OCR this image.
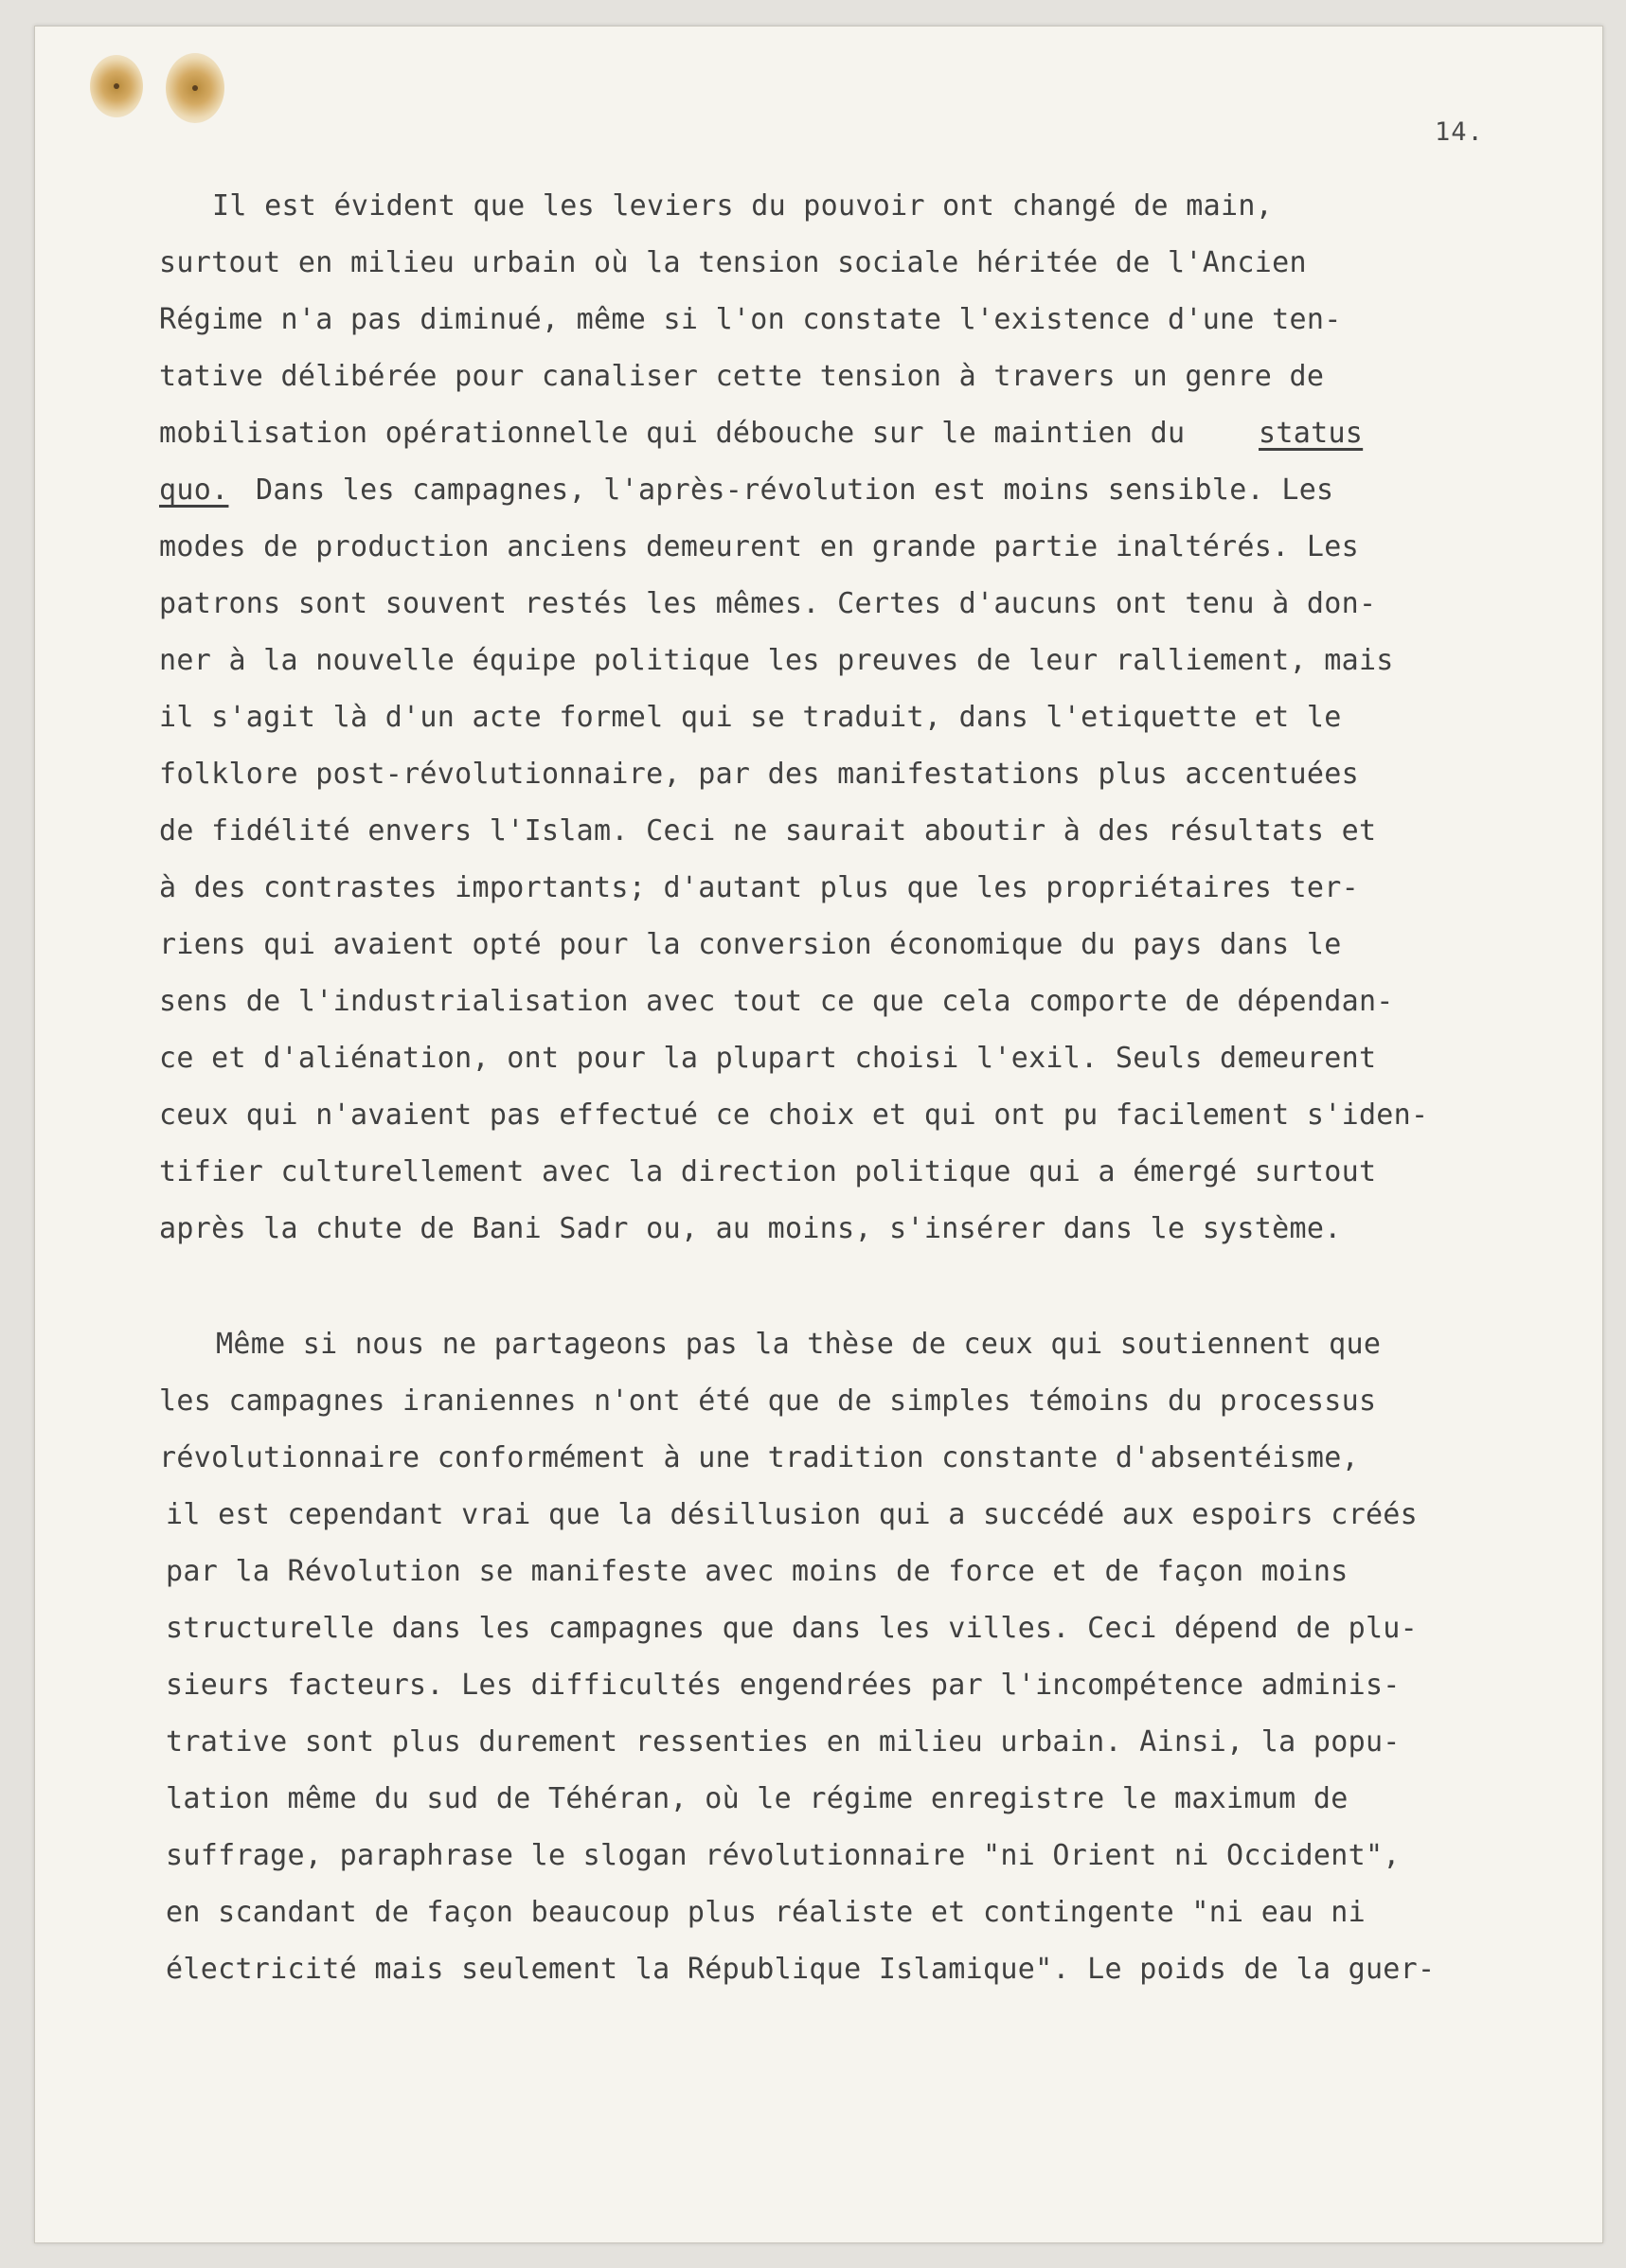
14.
Il est évident que les leviers du pouvoir ont changé de main,
surtout en milieu urbain où la tension sociale héritée de l'Ancien
Régime n'a pas diminué, même si l'on constate l'existence d'une ten-
tative délibérée pour canaliser cette tension à travers un genre de
mobilisation opérationnelle qui débouche sur le maintien du	status
quo. Dans les campagnes, l'après-révolution est moins sensible. Les
modes de production anciens demeurent en grande partie inaltérés. Les
patrons sont souvent restés les mêmes. Certes d'aucuns ont tenu à don-
ner à la nouvelle équipe politique les preuves de leur ralliement, mais
il s'agit là d'un acte formel qui se traduit, dans l'etiquette et le
folklore post-révolutionnaire, par des manifestations plus accentuées
de fidélité envers l'Islam. Ceci ne saurait aboutir à des résultats et
à des contrastes importants; d'autant plus que les propriétaires ter-
riens qui avaient opté pour la conversion économique du pays dans le
sens de l'industrialisation avec tout ce que cela comporte de dépendan-
ce et d'aliénation, ont pour la plupart choisi l'exil. Seuls demeurent
ceux qui n'avaient pas effectué ce choix et qui ont pu facilement s'iden-
tifier culturellement avec la direction politique qui a émergé surtout
après la chute de Bani Sadr ou, au moins, s'insérer dans le système.
Même si nous ne partageons pas la thèse de ceux qui soutiennent que
les campagnes iraniennes n'ont été que de simples témoins du processus
révolutionnaire conformément à une tradition constante d'absentéisme,
il est cependant vrai que la désillusion qui a succédé aux espoirs créés
par la Révolution se manifeste avec moins de force et de façon moins
structurelle dans les campagnes que dans les villes. Ceci dépend de plu-
sieurs facteurs. Les difficultés engendrées par l'incompétence adminis-
trative sont plus durement ressenties en milieu urbain. Ainsi, la popu-
lation même du sud de Téhéran, où le régime enregistre le maximum de
suffrage, paraphrase le slogan révolutionnaire "ni Orient ni Occident",
en scandant de façon beaucoup plus réaliste et contingente "ni eau ni
électricité mais seulement la République Islamique". Le poids de la guer-
